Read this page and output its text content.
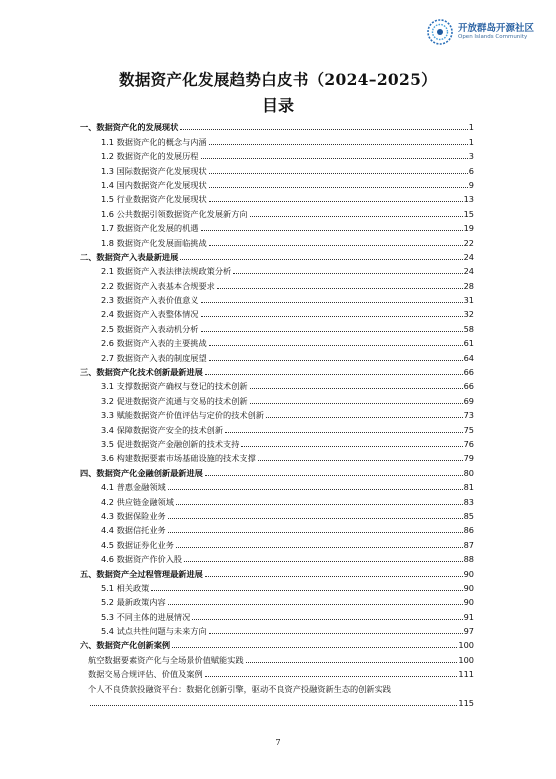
开放群岛开源社区
Open Islands Community
数据资产化发展趋势白皮书（2024–2025）
目录
一、数据资产化的发展现状	1
1.1 数据资产化的概念与内涵	1
1.2 数据资产化的发展历程	3
1.3 国际数据资产化发展现状	6
1.4 国内数据资产化发展现状	9
1.5 行业数据资产化发展现状	13
1.6 公共数据引领数据资产化发展新方向	15
1.7 数据资产化发展的机遇	19
1.8 数据资产化发展面临挑战	22
二、数据资产入表最新进展	24
2.1 数据资产入表法律法规政策分析	24
2.2 数据资产入表基本合规要求	28
2.3 数据资产入表价值意义	31
2.4 数据资产入表整体情况	32
2.5 数据资产入表动机分析	58
2.6 数据资产入表的主要挑战	61
2.7 数据资产入表的制度展望	64
三、数据资产化技术创新最新进展	66
3.1 支撑数据资产确权与登记的技术创新	66
3.2 促进数据资产流通与交易的技术创新	69
3.3 赋能数据资产价值评估与定价的技术创新	73
3.4 保障数据资产安全的技术创新	75
3.5 促进数据资产金融创新的技术支持	76
3.6 构建数据要素市场基础设施的技术支撑	79
四、数据资产化金融创新最新进展	80
4.1 普惠金融领域	81
4.2 供应链金融领域	83
4.3 数据保险业务	85
4.4 数据信托业务	86
4.5 数据证券化业务	87
4.6 数据资产作价入股	88
五、数据资产全过程管理最新进展	90
5.1 相关政策	90
5.2 最新政策内容	90
5.3 不同主体的进展情况	91
5.4 试点共性问题与未来方向	97
六、数据资产化创新案例	100
航空数据要素资产化与全场景价值赋能实践	100
数据交易合规评估、价值及案例	111
个人不良贷款投融资平台：数据化创新引擎，驱动不良资产投融资新生态的创新实践
115
7
